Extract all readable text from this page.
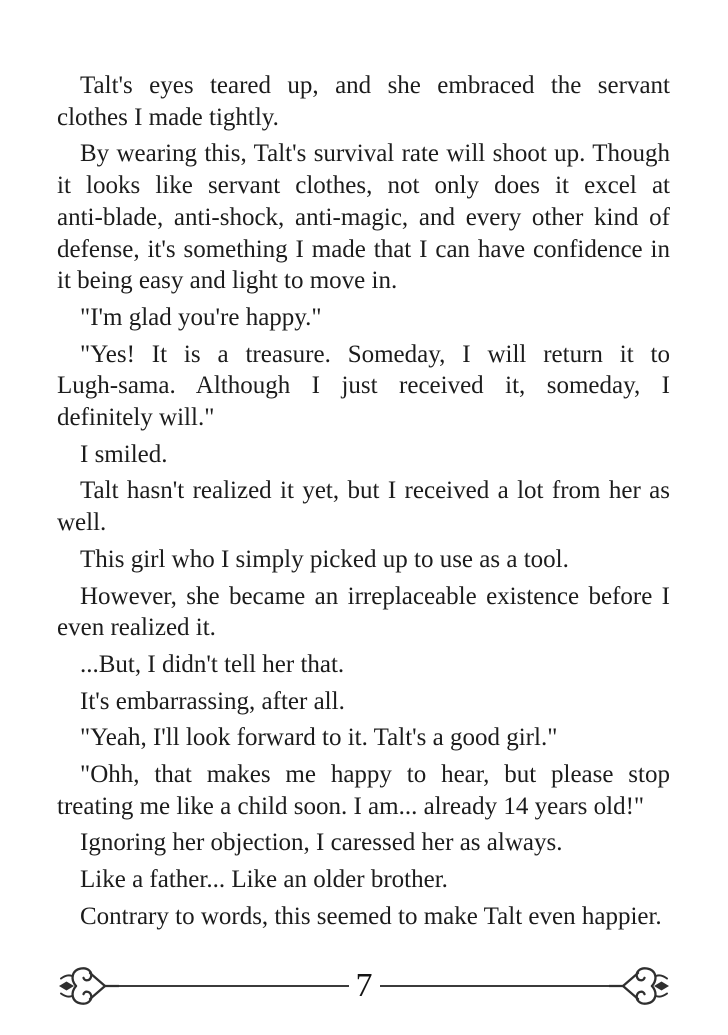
Talt's eyes teared up, and she embraced the servant
clothes I made tightly.
By wearing this, Talt's survival rate will shoot up. Though
it looks like servant clothes, not only does it excel at
anti-blade, anti-shock, anti-magic, and every other kind of
defense, it's something I made that I can have confidence in
it being easy and light to move in.
"I'm glad you're happy."
"Yes! It is a treasure. Someday, I will return it to
Lugh-sama. Although I just received it, someday, I
definitely will."
I smiled.
Talt hasn't realized it yet, but I received a lot from her as
well.
This girl who I simply picked up to use as a tool.
However, she became an irreplaceable existence before I
even realized it.
...But, I didn't tell her that.
It's embarrassing, after all.
"Yeah, I'll look forward to it. Talt's a good girl."
"Ohh, that makes me happy to hear, but please stop
treating me like a child soon. I am... already 14 years old!"
Ignoring her objection, I caressed her as always.
Like a father... Like an older brother.
Contrary to words, this seemed to make Talt even happier.
7
